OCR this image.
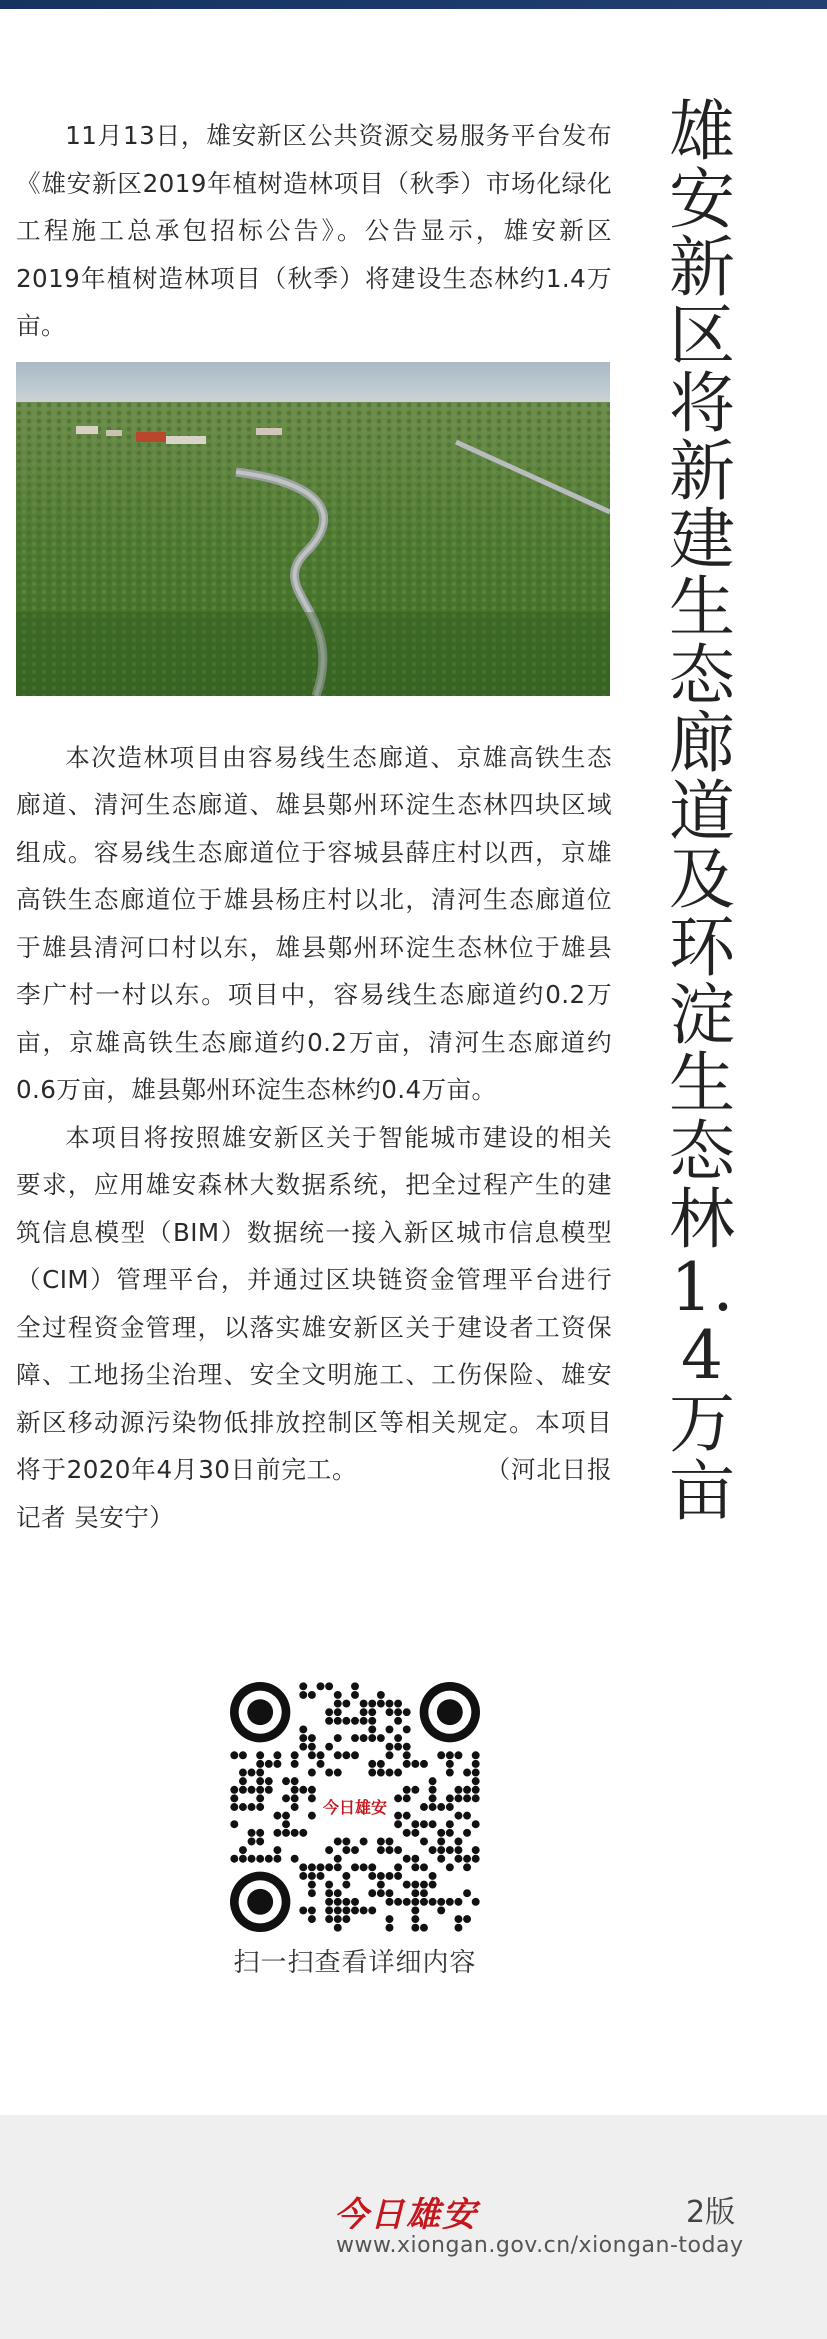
11月13日，雄安新区公共资源交易服务平台发布《雄安新区2019年植树造林项目（秋季）市场化绿化工程施工总承包招标公告》。公告显示，雄安新区2019年植树造林项目（秋季）将建设生态林约1.4万亩。

本次造林项目由容易线生态廊道、京雄高铁生态廊道、清河生态廊道、雄县鄚州环淀生态林四块区域组成。容易线生态廊道位于容城县薛庄村以西，京雄高铁生态廊道位于雄县杨庄村以北，清河生态廊道位于雄县清河口村以东，雄县鄚州环淀生态林位于雄县李广村一村以东。项目中，容易线生态廊道约0.2万亩，京雄高铁生态廊道约0.2万亩，清河生态廊道约0.6万亩，雄县鄚州环淀生态林约0.4万亩。

本项目将按照雄安新区关于智能城市建设的相关要求，应用雄安森林大数据系统，把全过程产生的建筑信息模型（BIM）数据统一接入新区城市信息模型（CIM）管理平台，并通过区块链资金管理平台进行全过程资金管理，以落实雄安新区关于建设者工资保障、工地扬尘治理、安全文明施工、工伤保险、雄安新区移动源污染物低排放控制区等相关规定。本项目将于2020年4月30日前完工。	（河北日报记者 吴安宁）

雄安新区将新建生态廊道及环淀生态林1.4万亩
今日雄安
扫一扫查看详细内容
今日雄安	2版
www.xiongan.gov.cn/xiongan-today
